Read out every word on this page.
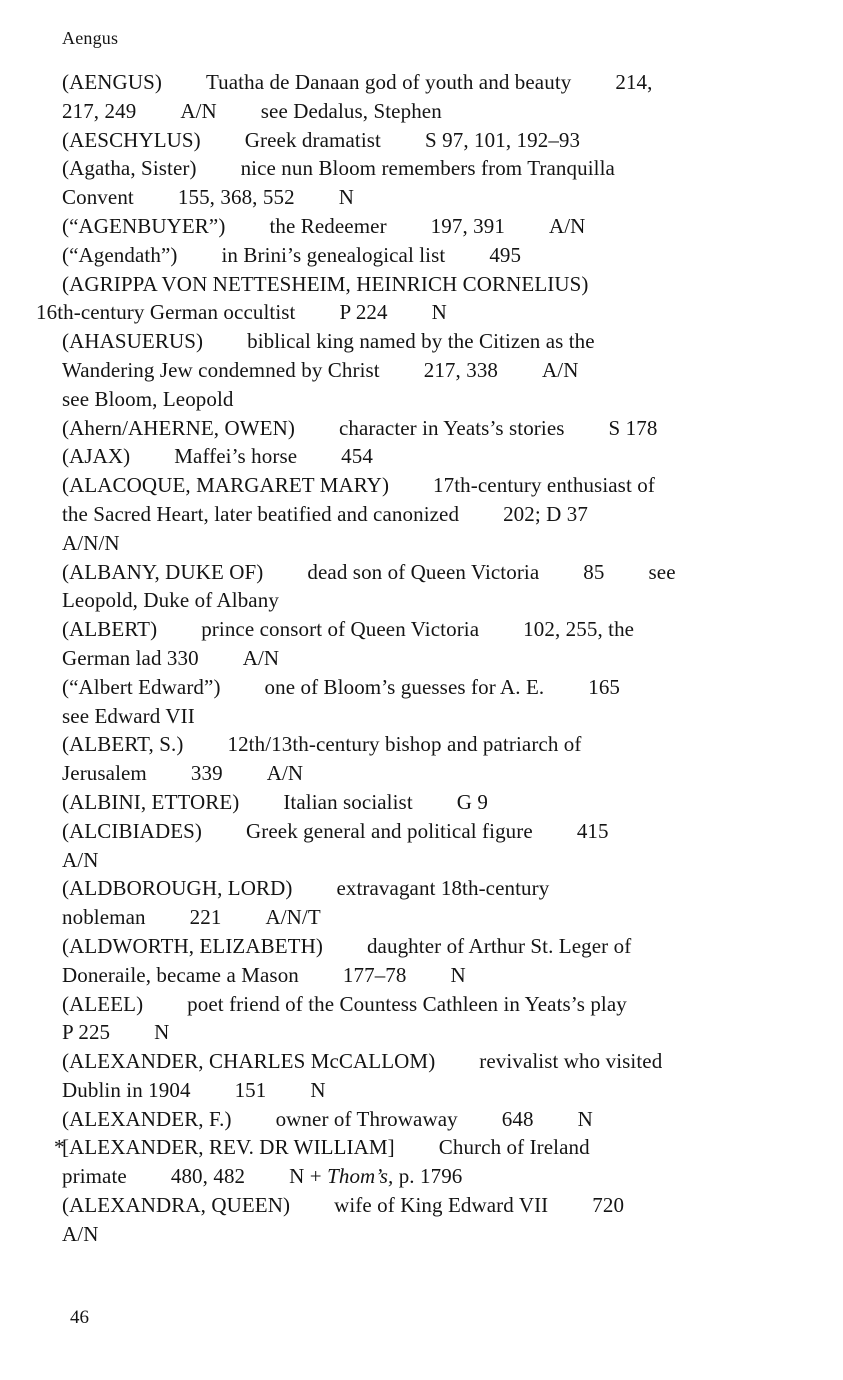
Aengus
(AENGUS) Tuatha de Danaan god of youth and beauty 214,
217, 249 A/N see Dedalus, Stephen
(AESCHYLUS) Greek dramatist S 97, 101, 192–93
(Agatha, Sister) nice nun Bloom remembers from Tranquilla
Convent 155, 368, 552 N
(“AGENBUYER”) the Redeemer 197, 391 A/N
(“Agendath”) in Brini’s genealogical list 495
(AGRIPPA VON NETTESHEIM, HEINRICH CORNELIUS)
16th-century German occultist P 224 N
(AHASUERUS) biblical king named by the Citizen as the
Wandering Jew condemned by Christ 217, 338 A/N
see Bloom, Leopold
(Ahern/AHERNE, OWEN) character in Yeats’s stories S 178
(AJAX) Maffei’s horse 454
(ALACOQUE, MARGARET MARY) 17th-century enthusiast of
the Sacred Heart, later beatified and canonized 202; D 37
A/N/N
(ALBANY, DUKE OF) dead son of Queen Victoria 85 see
Leopold, Duke of Albany
(ALBERT) prince consort of Queen Victoria 102, 255, the
German lad 330 A/N
(“Albert Edward”) one of Bloom’s guesses for A. E. 165
see Edward VII
(ALBERT, S.) 12th/13th-century bishop and patriarch of
Jerusalem 339 A/N
(ALBINI, ETTORE) Italian socialist G 9
(ALCIBIADES) Greek general and political figure 415
A/N
(ALDBOROUGH, LORD) extravagant 18th-century
nobleman 221 A/N/T
(ALDWORTH, ELIZABETH) daughter of Arthur St. Leger of
Doneraile, became a Mason 177–78 N
(ALEEL) poet friend of the Countess Cathleen in Yeats’s play
P 225 N
(ALEXANDER, CHARLES McCALLOM) revivalist who visited
Dublin in 1904 151 N
(ALEXANDER, F.) owner of Throwaway 648 N
*
[ALEXANDER, REV. DR WILLIAM] Church of Ireland
primate 480, 482 N + Thom’s, p. 1796
(ALEXANDRA, QUEEN) wife of King Edward VII 720
A/N
46
